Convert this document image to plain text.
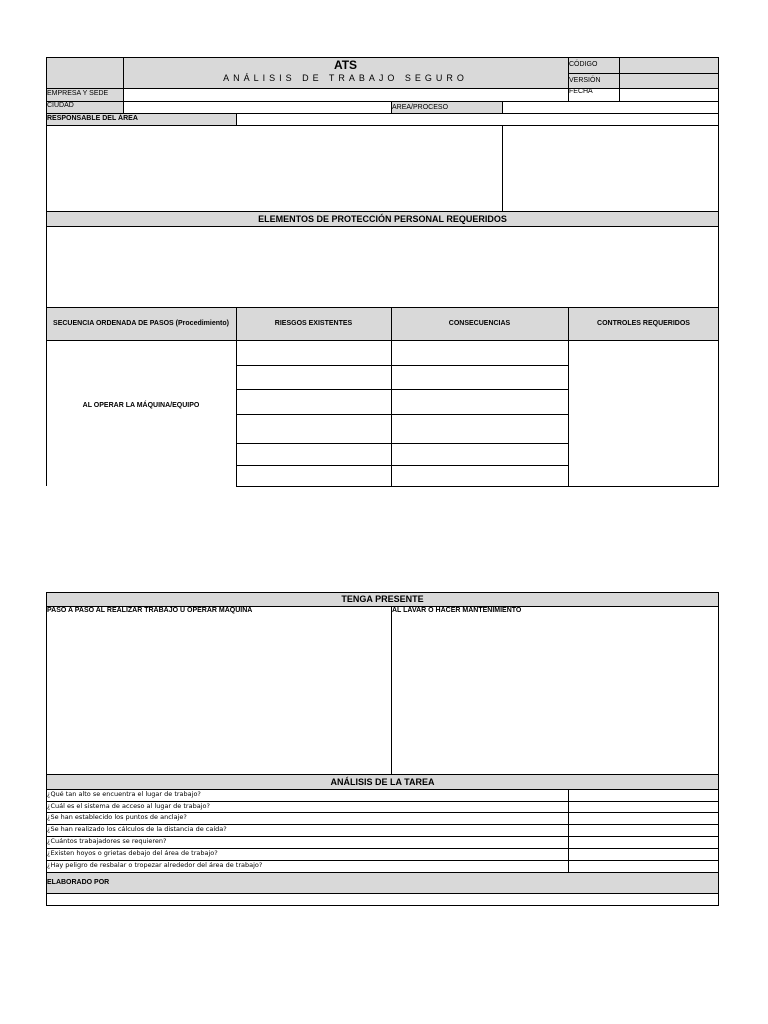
ATS
ANÁLISIS DE TRABAJO SEGURO
CÓDIGO
VERSIÓN
FECHA
EMPRESA Y SEDE
CIUDAD	AREA/PROCESO
RESPONSABLE DEL ÁREA
ELEMENTOS DE PROTECCIÓN PERSONAL REQUERIDOS
SECUENCIA ORDENADA DE PASOS (Procedimiento)	RIESGOS EXISTENTES	CONSECUENCIAS	CONTROLES REQUERIDOS
AL OPERAR LA MÁQUINA/EQUIPO
TENGA PRESENTE
PASO A PASO AL REALIZAR TRABAJO U OPERAR MAQUINA	AL LAVAR O HACER MANTENIMIENTO
ANÁLISIS DE LA TAREA
¿Qué tan alto se encuentra el lugar de trabajo?
¿Cuál es el sistema de acceso al lugar de trabajo?
¿Se han establecido los puntos de anclaje?
¿Se han realizado los cálculos de la distancia de caída?
¿Cuántos trabajadores se requieren?
¿Existen hoyos o grietas debajo del área de trabajo?
¿Hay peligro de resbalar o tropezar alrededor del área de trabajo?
ELABORADO POR
